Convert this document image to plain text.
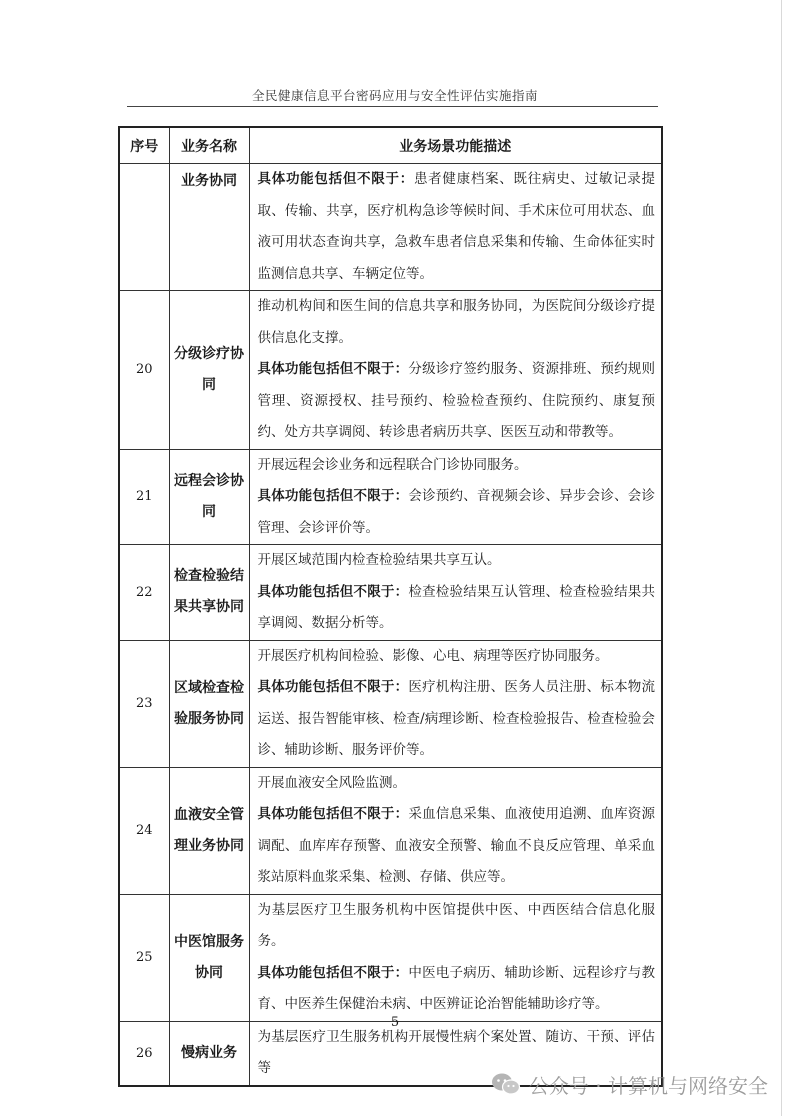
全民健康信息平台密码应用与安全性评估实施指南
序号	业务名称	业务场景功能描述
	业务协同	具体功能包括但不限于：患者健康档案、既往病史、过敏记录提取、传输、共享，医疗机构急诊等候时间、手术床位可用状态、血液可用状态查询共享，急救车患者信息采集和传输、生命体征实时监测信息共享、车辆定位等。

20	分级诊疗协同	推动机构间和医生间的信息共享和服务协同，为医院间分级诊疗提供信息化支撑。

具体功能包括但不限于：分级诊疗签约服务、资源排班、预约规则管理、资源授权、挂号预约、检验检查预约、住院预约、康复预约、处方共享调阅、转诊患者病历共享、医医互动和带教等。

21	远程会诊协同	开展远程会诊业务和远程联合门诊协同服务。

具体功能包括但不限于：会诊预约、音视频会诊、异步会诊、会诊管理、会诊评价等。

22	检查检验结果共享协同	开展区域范围内检查检验结果共享互认。

具体功能包括但不限于：检查检验结果互认管理、检查检验结果共享调阅、数据分析等。

23	区域检查检验服务协同	开展医疗机构间检验、影像、心电、病理等医疗协同服务。

具体功能包括但不限于：医疗机构注册、医务人员注册、标本物流运送、报告智能审核、检查/病理诊断、检查检验报告、检查检验会诊、辅助诊断、服务评价等。

24	血液安全管理业务协同	开展血液安全风险监测。

具体功能包括但不限于：采血信息采集、血液使用追溯、血库资源调配、血库库存预警、血液安全预警、输血不良反应管理、单采血浆站原料血浆采集、检测、存储、供应等。

25	中医馆服务协同	为基层医疗卫生服务机构中医馆提供中医、中西医结合信息化服务。

具体功能包括但不限于：中医电子病历、辅助诊断、远程诊疗与教育、中医养生保健治未病、中医辨证论治智能辅助诊疗等。

26	慢病业务	为基层医疗卫生服务机构开展慢性病个案处置、随访、干预、评估等

5
公众号 · 计算机与网络安全
